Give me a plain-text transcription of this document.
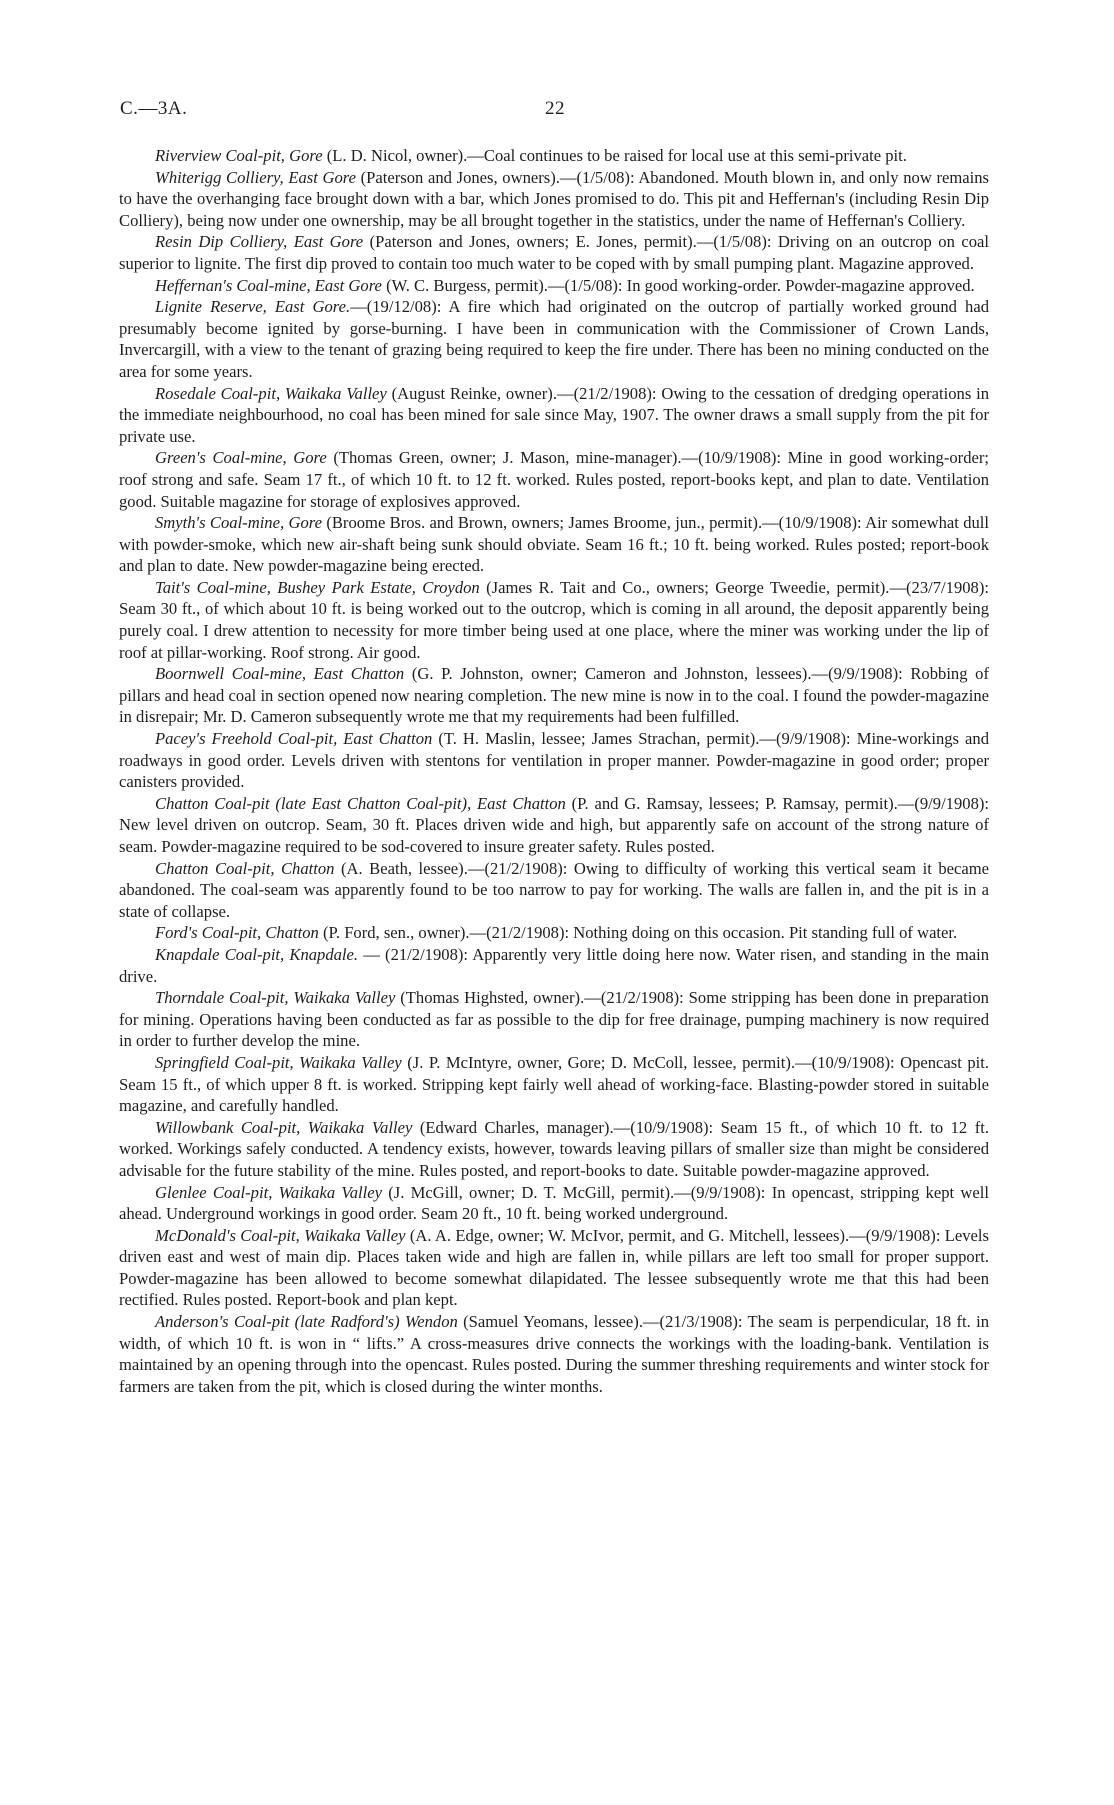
C.—3A.	22

Riverview Coal-pit, Gore (L. D. Nicol, owner).—Coal continues to be raised for local use at this semi-private pit.

Whiterigg Colliery, East Gore (Paterson and Jones, owners).—(1/5/08): Abandoned. Mouth blown in, and only now remains to have the overhanging face brought down with a bar, which Jones promised to do. This pit and Heffernan's (including Resin Dip Colliery), being now under one ownership, may be all brought together in the statistics, under the name of Heffernan's Colliery.

Resin Dip Colliery, East Gore (Paterson and Jones, owners; E. Jones, permit).—(1/5/08): Driving on an outcrop on coal superior to lignite. The first dip proved to contain too much water to be coped with by small pumping plant. Magazine approved.

Heffernan's Coal-mine, East Gore (W. C. Burgess, permit).—(1/5/08): In good working-order. Powder-magazine approved.

Lignite Reserve, East Gore.—(19/12/08): A fire which had originated on the outcrop of partially worked ground had presumably become ignited by gorse-burning. I have been in communication with the Commissioner of Crown Lands, Invercargill, with a view to the tenant of grazing being required to keep the fire under. There has been no mining conducted on the area for some years.

Rosedale Coal-pit, Waikaka Valley (August Reinke, owner).—(21/2/1908): Owing to the cessation of dredging operations in the immediate neighbourhood, no coal has been mined for sale since May, 1907. The owner draws a small supply from the pit for private use.

Green's Coal-mine, Gore (Thomas Green, owner; J. Mason, mine-manager).—(10/9/1908): Mine in good working-order; roof strong and safe. Seam 17 ft., of which 10 ft. to 12 ft. worked. Rules posted, report-books kept, and plan to date. Ventilation good. Suitable magazine for storage of explosives approved.

Smyth's Coal-mine, Gore (Broome Bros. and Brown, owners; James Broome, jun., permit).—(10/9/1908): Air somewhat dull with powder-smoke, which new air-shaft being sunk should obviate. Seam 16 ft.; 10 ft. being worked. Rules posted; report-book and plan to date. New powder-magazine being erected.

Tait's Coal-mine, Bushey Park Estate, Croydon (James R. Tait and Co., owners; George Tweedie, permit).—(23/7/1908): Seam 30 ft., of which about 10 ft. is being worked out to the outcrop, which is coming in all around, the deposit apparently being purely coal. I drew attention to necessity for more timber being used at one place, where the miner was working under the lip of roof at pillar-working. Roof strong. Air good.

Boornwell Coal-mine, East Chatton (G. P. Johnston, owner; Cameron and Johnston, lessees).—(9/9/1908): Robbing of pillars and head coal in section opened now nearing completion. The new mine is now in to the coal. I found the powder-magazine in disrepair; Mr. D. Cameron subsequently wrote me that my requirements had been fulfilled.

Pacey's Freehold Coal-pit, East Chatton (T. H. Maslin, lessee; James Strachan, permit).—(9/9/1908): Mine-workings and roadways in good order. Levels driven with stentons for ventilation in proper manner. Powder-magazine in good order; proper canisters provided.

Chatton Coal-pit (late East Chatton Coal-pit), East Chatton (P. and G. Ramsay, lessees; P. Ramsay, permit).—(9/9/1908): New level driven on outcrop. Seam, 30 ft. Places driven wide and high, but apparently safe on account of the strong nature of seam. Powder-magazine required to be sod-covered to insure greater safety. Rules posted.

Chatton Coal-pit, Chatton (A. Beath, lessee).—(21/2/1908): Owing to difficulty of working this vertical seam it became abandoned. The coal-seam was apparently found to be too narrow to pay for working. The walls are fallen in, and the pit is in a state of collapse.

Ford's Coal-pit, Chatton (P. Ford, sen., owner).—(21/2/1908): Nothing doing on this occasion. Pit standing full of water.

Knapdale Coal-pit, Knapdale. — (21/2/1908): Apparently very little doing here now. Water risen, and standing in the main drive.

Thorndale Coal-pit, Waikaka Valley (Thomas Highsted, owner).—(21/2/1908): Some stripping has been done in preparation for mining. Operations having been conducted as far as possible to the dip for free drainage, pumping machinery is now required in order to further develop the mine.

Springfield Coal-pit, Waikaka Valley (J. P. McIntyre, owner, Gore; D. McColl, lessee, permit).—(10/9/1908): Opencast pit. Seam 15 ft., of which upper 8 ft. is worked. Stripping kept fairly well ahead of working-face. Blasting-powder stored in suitable magazine, and carefully handled.

Willowbank Coal-pit, Waikaka Valley (Edward Charles, manager).—(10/9/1908): Seam 15 ft., of which 10 ft. to 12 ft. worked. Workings safely conducted. A tendency exists, however, towards leaving pillars of smaller size than might be considered advisable for the future stability of the mine. Rules posted, and report-books to date. Suitable powder-magazine approved.

Glenlee Coal-pit, Waikaka Valley (J. McGill, owner; D. T. McGill, permit).—(9/9/1908): In opencast, stripping kept well ahead. Underground workings in good order. Seam 20 ft., 10 ft. being worked underground.

McDonald's Coal-pit, Waikaka Valley (A. A. Edge, owner; W. McIvor, permit, and G. Mitchell, lessees).—(9/9/1908): Levels driven east and west of main dip. Places taken wide and high are fallen in, while pillars are left too small for proper support. Powder-magazine has been allowed to become somewhat dilapidated. The lessee subsequently wrote me that this had been rectified. Rules posted. Report-book and plan kept.

Anderson's Coal-pit (late Radford's) Wendon (Samuel Yeomans, lessee).—(21/3/1908): The seam is perpendicular, 18 ft. in width, of which 10 ft. is won in “ lifts.” A cross-measures drive connects the workings with the loading-bank. Ventilation is maintained by an opening through into the opencast. Rules posted. During the summer threshing requirements and winter stock for farmers are taken from the pit, which is closed during the winter months.
